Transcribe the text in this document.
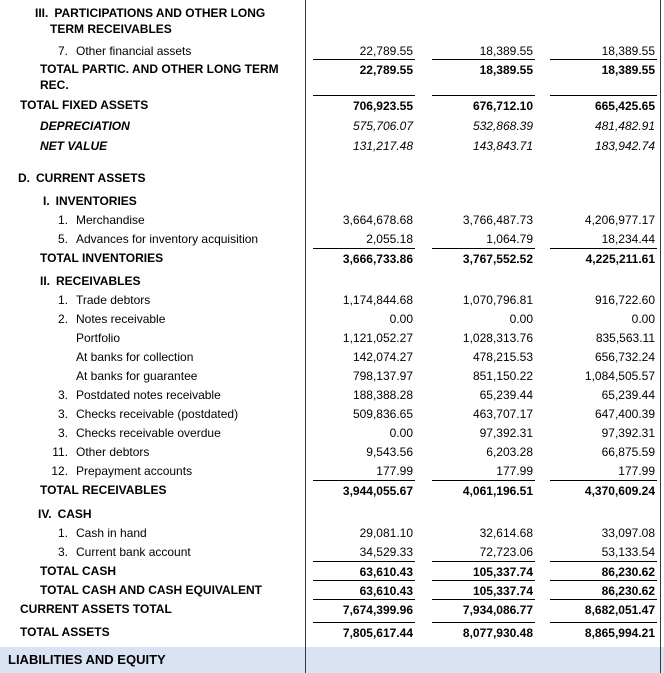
III.  PARTICIPATIONS AND OTHER LONG TERM RECEIVABLES
7. Other financial assets	22,789.55	18,389.55	18,389.55
TOTAL PARTIC. AND OTHER LONG TERM REC.
22,789.55	18,389.55	18,389.55
TOTAL FIXED ASSETS	706,923.55	676,712.10	665,425.65
DEPRECIATION	575,706.07	532,868.39	481,482.91
NET VALUE	131,217.48	143,843.71	183,942.74
D.  CURRENT ASSETS
I.  INVENTORIES
1. Merchandise	3,664,678.68	3,766,487.73	4,206,977.17
5. Advances for inventory acquisition	2,055.18	1,064.79	18,234.44
TOTAL INVENTORIES	3,666,733.86	3,767,552.52	4,225,211.61
II.  RECEIVABLES
1. Trade debtors	1,174,844.68	1,070,796.81	916,722.60
2. Notes receivable	0.00	0.00	0.00
Portfolio	1,121,052.27	1,028,313.76	835,563.11
At banks for collection	142,074.27	478,215.53	656,732.24
At banks for guarantee	798,137.97	851,150.22	1,084,505.57
3. Postdated notes receivable	188,388.28	65,239.44	65,239.44
3. Checks receivable (postdated)	509,836.65	463,707.17	647,400.39
3. Checks receivable overdue	0.00	97,392.31	97,392.31
11. Other debtors	9,543.56	6,203.28	66,875.59
12. Prepayment accounts	177.99	177.99	177.99
TOTAL RECEIVABLES	3,944,055.67	4,061,196.51	4,370,609.24
IV.  CASH
1. Cash in hand	29,081.10	32,614.68	33,097.08
3. Current bank account	34,529.33	72,723.06	53,133.54
TOTAL CASH	63,610.43	105,337.74	86,230.62
TOTAL CASH AND CASH EQUIVALENT	63,610.43	105,337.74	86,230.62
CURRENT ASSETS TOTAL	7,674,399.96	7,934,086.77	8,682,051.47
TOTAL ASSETS	7,805,617.44	8,077,930.48	8,865,994.21
LIABILITIES AND EQUITY
